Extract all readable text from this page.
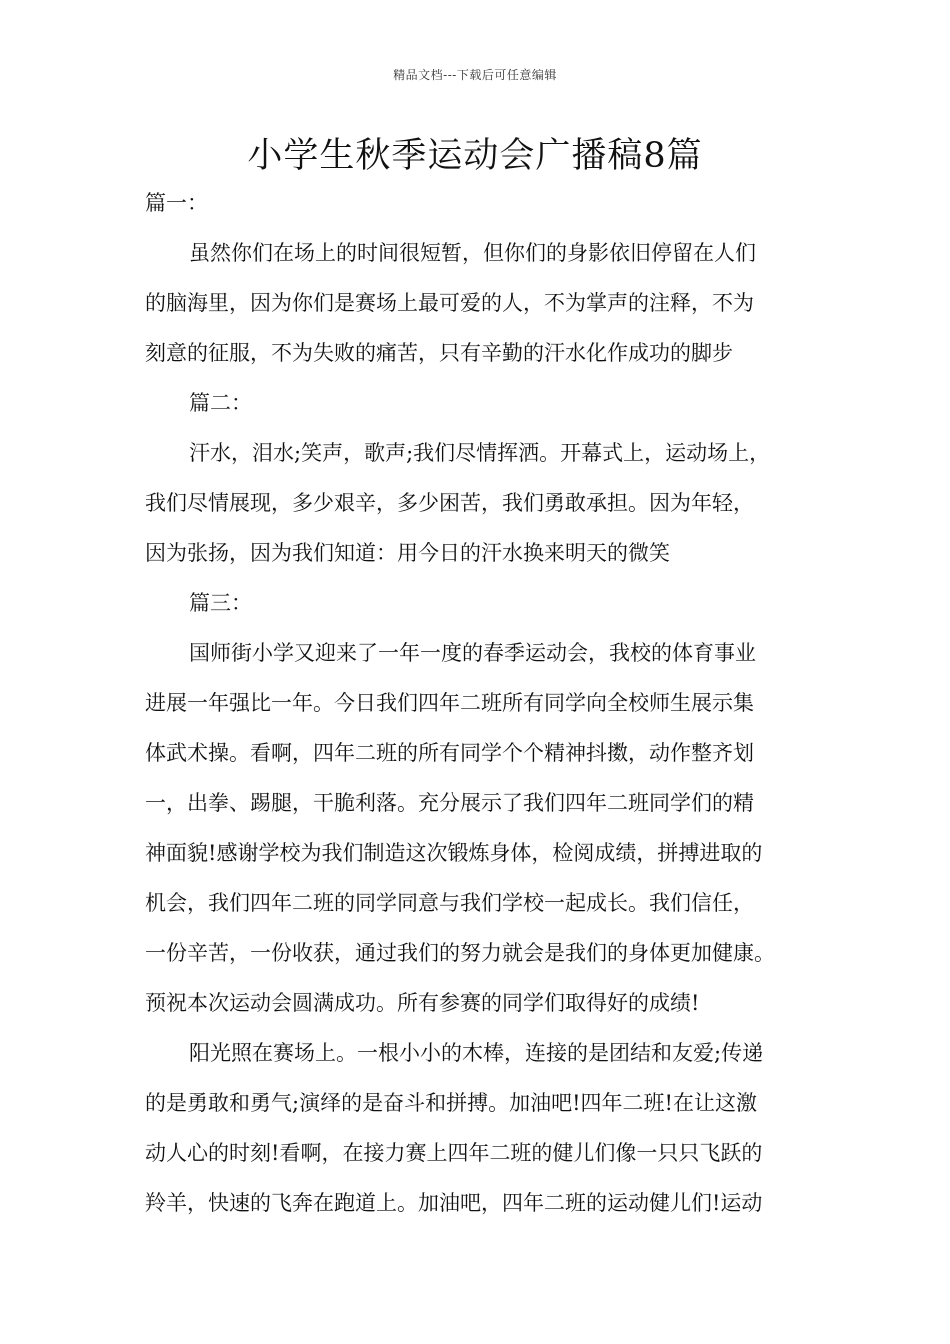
精品文档---下载后可任意编辑
小学生秋季运动会广播稿8篇
篇一：
虽然你们在场上的时间很短暂，但你们的身影依旧停留在人们
的脑海里，因为你们是赛场上最可爱的人，不为掌声的注释，不为
刻意的征服，不为失败的痛苦，只有辛勤的汗水化作成功的脚步
篇二：
汗水，泪水;笑声，歌声;我们尽情挥洒。开幕式上，运动场上，
我们尽情展现，多少艰辛，多少困苦，我们勇敢承担。因为年轻，
因为张扬，因为我们知道：用今日的汗水换来明天的微笑
篇三：
国师街小学又迎来了一年一度的春季运动会，我校的体育事业
进展一年强比一年。今日我们四年二班所有同学向全校师生展示集
体武术操。看啊，四年二班的所有同学个个精神抖擞，动作整齐划
一，出拳、踢腿，干脆利落。充分展示了我们四年二班同学们的精
神面貌!感谢学校为我们制造这次锻炼身体，检阅成绩，拼搏进取的
机会，我们四年二班的同学同意与我们学校一起成长。我们信任，
一份辛苦，一份收获，通过我们的努力就会是我们的身体更加健康。
预祝本次运动会圆满成功。所有参赛的同学们取得好的成绩!
阳光照在赛场上。一根小小的木棒，连接的是团结和友爱;传递
的是勇敢和勇气;演绎的是奋斗和拼搏。加油吧!四年二班!在让这激
动人心的时刻!看啊，在接力赛上四年二班的健儿们像一只只飞跃的
羚羊，快速的飞奔在跑道上。加油吧，四年二班的运动健儿们!运动
